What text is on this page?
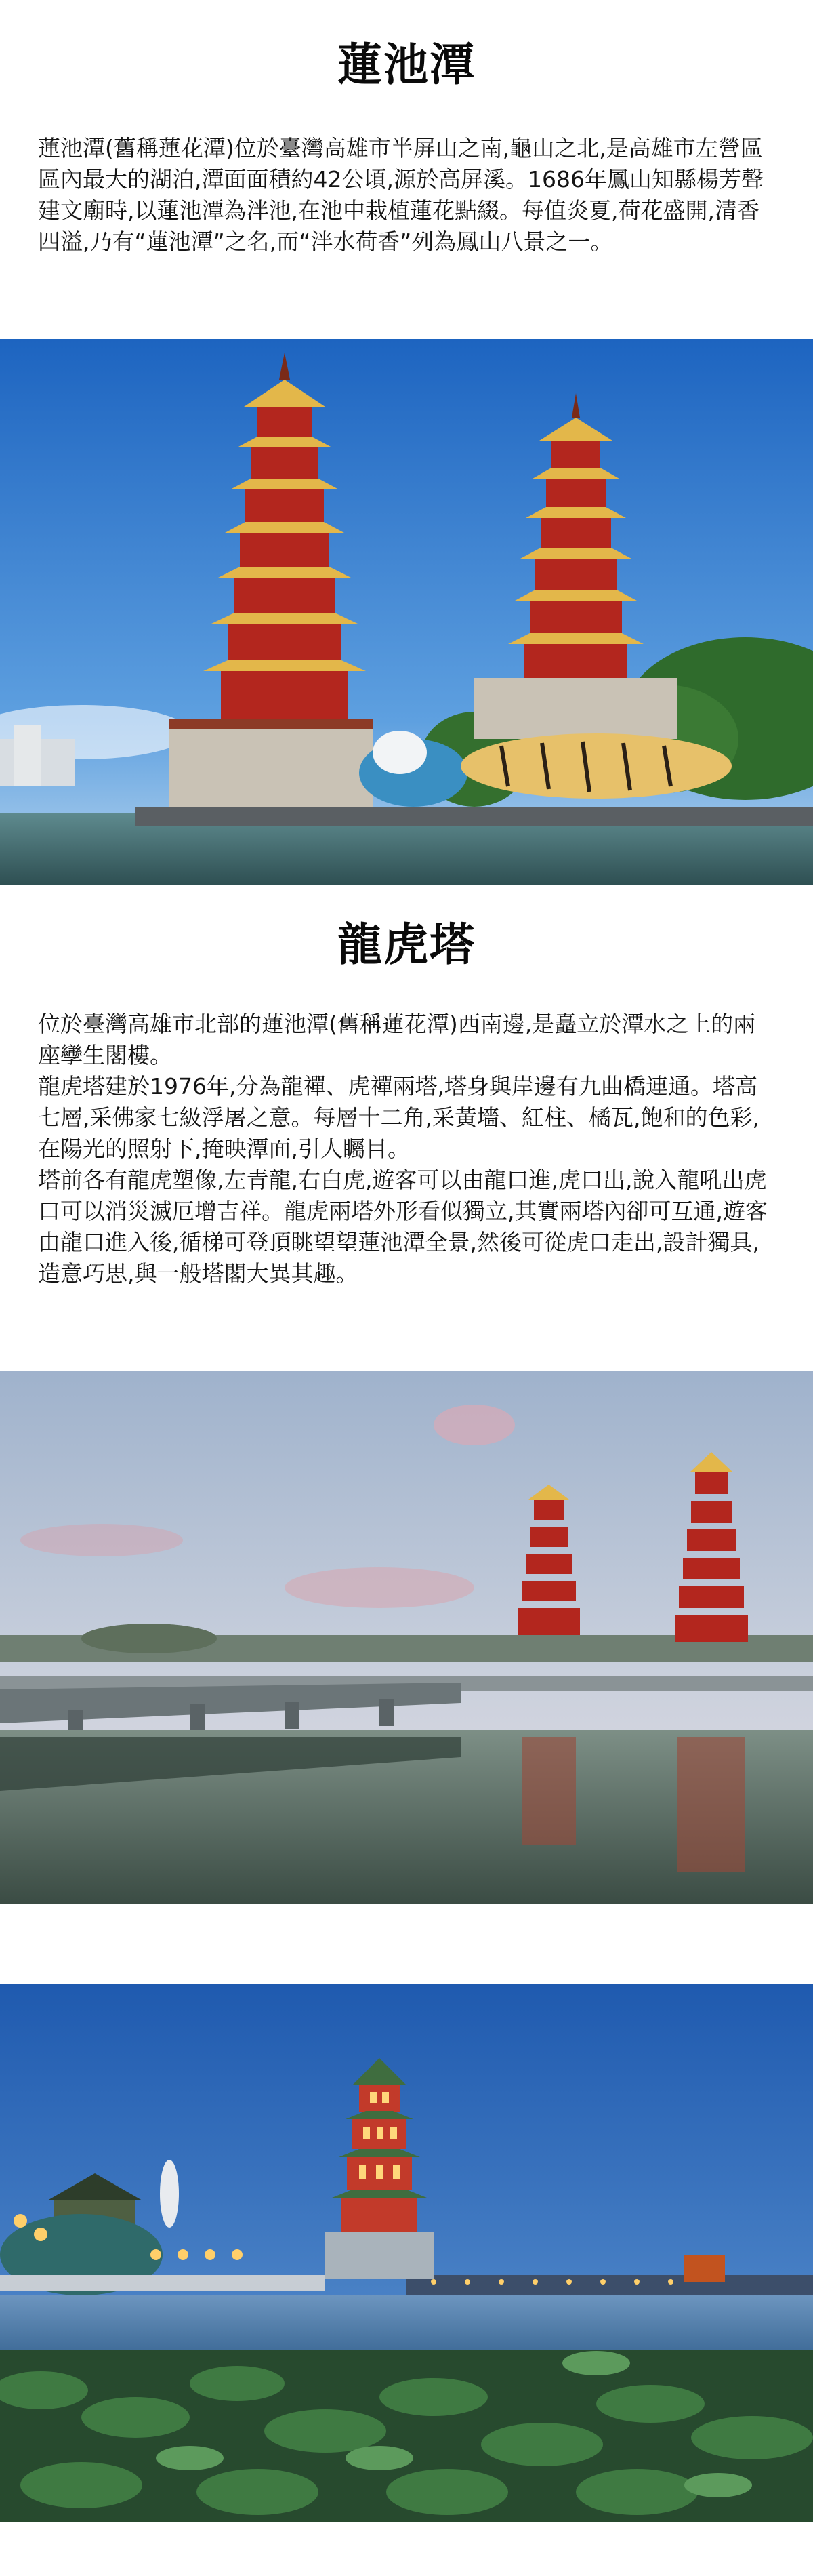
蓮池潭

蓮池潭(舊稱蓮花潭)位於臺灣高雄市半屏山之南,龜山之北,是高雄市左營區區內最大的湖泊,潭面面積約42公頃,源於高屏溪。1686年鳳山知縣楊芳聲建文廟時,以蓮池潭為泮池,在池中栽植蓮花點綴。每值炎夏,荷花盛開,清香四溢,乃有“蓮池潭”之名,而“泮水荷香”列為鳳山八景之一。

龍虎塔

位於臺灣高雄市北部的蓮池潭(舊稱蓮花潭)西南邊,是矗立於潭水之上的兩座孿生閣樓。

龍虎塔建於1976年,分為龍禪、虎禪兩塔,塔身與岸邊有九曲橋連通。塔高七層,采佛家七級浮屠之意。每層十二角,采黃墻、紅柱、橘瓦,飽和的色彩,在陽光的照射下,掩映潭面,引人矚目。

塔前各有龍虎塑像,左青龍,右白虎,遊客可以由龍口進,虎口出,說入龍吼出虎口可以消災滅厄增吉祥。龍虎兩塔外形看似獨立,其實兩塔內卻可互通,遊客由龍口進入後,循梯可登頂眺望望蓮池潭全景,然後可從虎口走出,設計獨具,造意巧思,與一般塔閣大異其趣。
